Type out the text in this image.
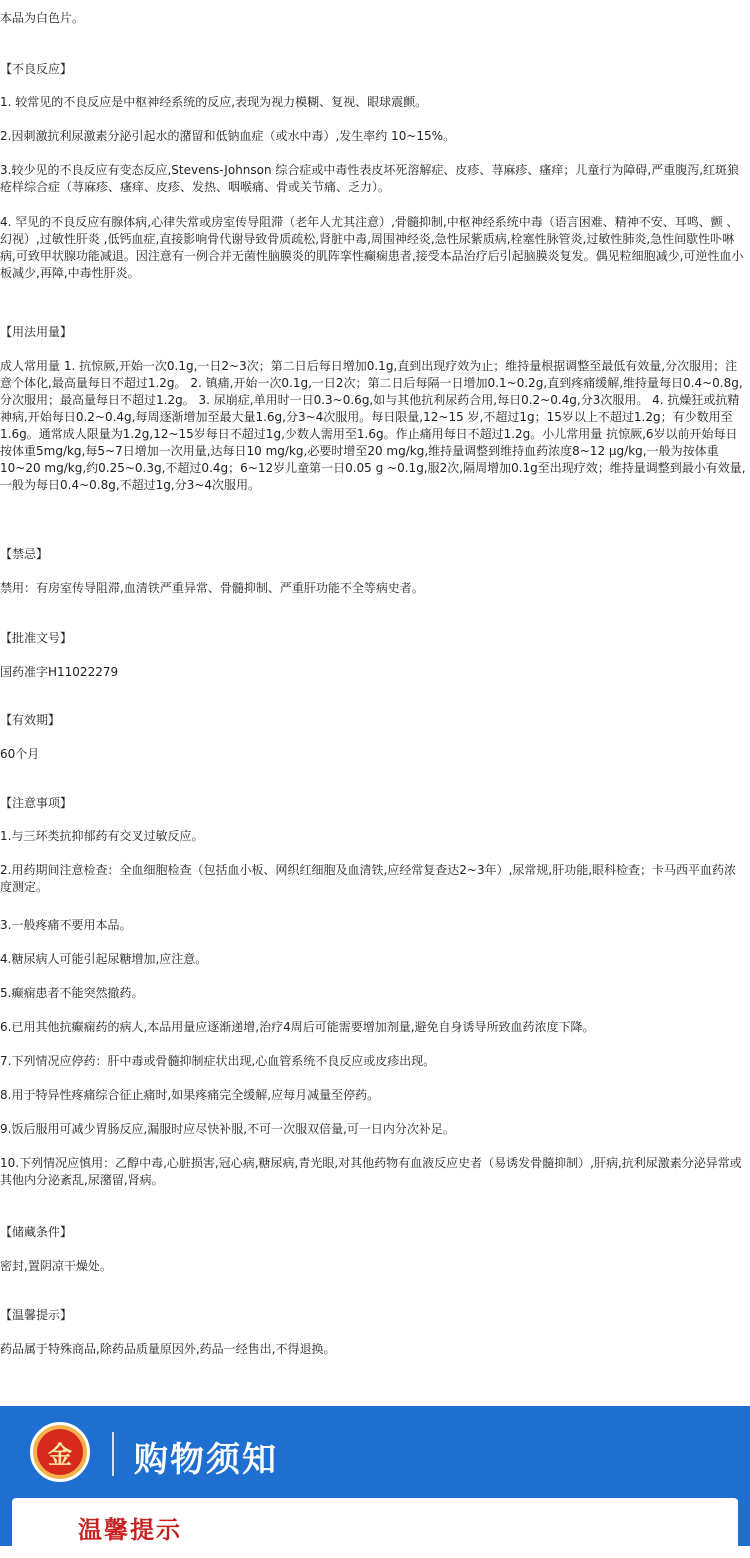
本品为白色片。
【不良反应】
1. 较常见的不良反应是中枢神经系统的反应,表现为视力模糊、复视、眼球震颤。
2.因刺激抗利尿激素分泌引起水的潴留和低钠血症（或水中毒）,发生率约 10~15%。
3.较少见的不良反应有变态反应,Stevens-Johnson 综合症或中毒性表皮坏死溶解症、皮疹、荨麻疹、瘙痒；儿童行为障碍,严重腹泻,红斑狼疮样综合症（荨麻疹、瘙痒、皮疹、发热、咽喉痛、骨或关节痛、乏力）。
4. 罕见的不良反应有腺体病,心律失常或房室传导阻滞（老年人尤其注意）,骨髓抑制,中枢神经系统中毒（语言困难、精神不安、耳鸣、颤 、幻视）,过敏性肝炎 ,低钙血症,直接影响骨代谢导致骨质疏松,肾脏中毒,周围神经炎,急性尿紫质病,栓塞性脉管炎,过敏性肺炎,急性间歇性卟啉病,可致甲状腺功能减退。因注意有一例合并无菌性脑膜炎的肌阵挛性癫痫患者,接受本品治疗后引起脑膜炎复发。偶见粒细胞减少,可逆性血小板减少,再障,中毒性肝炎。
【用法用量】
成人常用量 1. 抗惊厥,开始一次0.1g,一日2~3次；第二日后每日增加0.1g,直到出现疗效为止；维持量根据调整至最低有效量,分次服用；注意个体化,最高量每日不超过1.2g。 2. 镇痛,开始一次0.1g,一日2次；第二日后每隔一日增加0.1~0.2g,直到疼痛缓解,维持量每日0.4~0.8g,分次服用；最高量每日不超过1.2g。 3. 尿崩症,单用时一日0.3~0.6g,如与其他抗利尿药合用,每日0.2~0.4g,分3次服用。 4. 抗燥狂或抗精神病,开始每日0.2~0.4g,每周逐渐增加至最大量1.6g,分3~4次服用。每日限量,12~15 岁,不超过1g；15岁以上不超过1.2g；有少数用至1.6g。通常成人限量为1.2g,12~15岁每日不超过1g,少数人需用至1.6g。作止痛用每日不超过1.2g。小儿常用量 抗惊厥,6岁以前开始每日按体重5mg/kg,每5~7日增加一次用量,达每日10 mg/kg,必要时增至20 mg/kg,维持量调整到维持血药浓度8~12 μg/kg,一般为按体重10~20 mg/kg,约0.25~0.3g,不超过0.4g；6~12岁儿童第一日0.05 g ~0.1g,服2次,隔周增加0.1g至出现疗效；维持量调整到最小有效量,一般为每日0.4~0.8g,不超过1g,分3~4次服用。
【禁忌】
禁用：有房室传导阻滞,血清铁严重异常、骨髓抑制、严重肝功能不全等病史者。
【批准文号】
国药准字H11022279
【有效期】
60个月
【注意事项】
1.与三环类抗抑郁药有交叉过敏反应。
2.用药期间注意检查：全血细胞检查（包括血小板、网织红细胞及血清铁,应经常复查达2~3年）,尿常规,肝功能,眼科检查；卡马西平血药浓度测定。
3.一般疼痛不要用本品。
4.糖尿病人可能引起尿糖增加,应注意。
5.癫痫患者不能突然撤药。
6.已用其他抗癫痫药的病人,本品用量应逐渐递增,治疗4周后可能需要增加剂量,避免自身诱导所致血药浓度下降。
7.下列情况应停药：肝中毒或骨髓抑制症状出现,心血管系统不良反应或皮疹出现。
8.用于特异性疼痛综合征止痛时,如果疼痛完全缓解,应每月减量至停药。
9.饭后服用可减少胃肠反应,漏服时应尽快补服,不可一次服双倍量,可一日内分次补足。
10.下列情况应慎用：乙醇中毒,心脏损害,冠心病,糖尿病,青光眼,对其他药物有血液反应史者（易诱发骨髓抑制）,肝病,抗利尿激素分泌异常或其他内分泌紊乱,尿潴留,肾病。
【储藏条件】
密封,置阴凉干燥处。
【温馨提示】
药品属于特殊商品,除药品质量原因外,药品一经售出,不得退换。
金	购物须知
温馨提示
